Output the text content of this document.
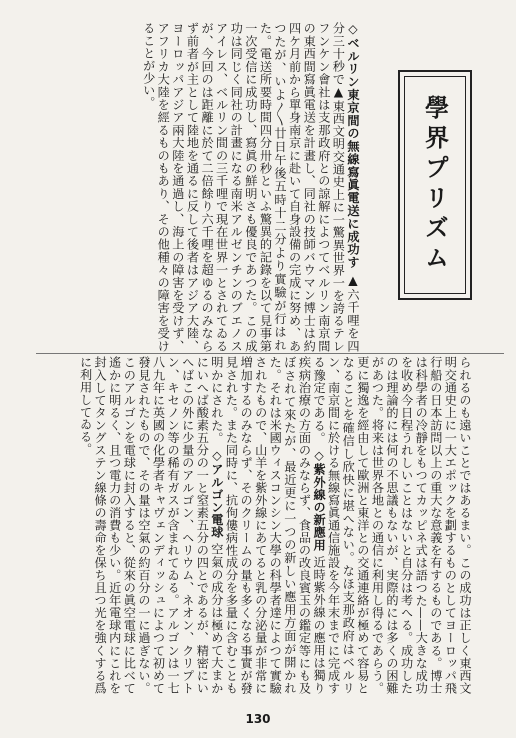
◇ベルリン東京間の無線寫眞電送に成功す ▲六千哩を四分三十秒で▲東西文明交通史上に一驚異世界一を誇るテレフンケン會社は支那政府との諒解によつてベルリン南京間の東西間寫眞電送を計畫し、同社の技師バウマン博士は約四ケ月前から單身南京に赴いて自身設備の完成に努め、あつたが、いよ〳〵廿日午後五時十二分より實驗が行はれた。電送所要時間四分卅秒といふ驚異的記錄を以て見事第一次受信に成功し、寫眞の鮮明さも優良であつた。この成功は同じく同社の計畫になる南米アルゼンチンのブエノスアイレス、ベルリン間の三千哩で現在世界一とされてゐるが、今回のは距離に於て二倍餘り六千哩を超ゆるのみならず前者が主として陸地を通るに反して後者はアジア大陸、ヨーロッパアジア兩大陸を通過し、海上の障害を受けず、アフリカ大陸を經るものもあり、その他種々の障害を受けることが少い。
學界プリズム
られるのも遠いことではあるまい。この成功は正しく東西文明交通史上に一大エポックを劃するものとしてヨーロッパ飛行船の日本訪問以上の重大な意義を有するものである。博士は科學者の冷靜をもつてカッピネ式は語つた——大きな成功を收め今日程うれしいことはないと自分は考へる。成功したのは理論的には何の不思議もないが、実際的には多くの困難があつた。将来は世界各地との通信に利用し得るであらう。更に獨逸を經由して歐洲と東洋との交通連絡が極めて容易となることを確信し欣快に堪へない。なほ支那政府はベルリン、南京間に於ける無線寫眞通信施設を今年末までに完成する豫定である。 ◇紫外線の新應用 近時紫外線の應用は獨り疾病治療の方面のみならず、食品の改良賓玉の鑑定等にも及ぼされて來たが、最近更に一つの新しい應用方面が開かれた。それは米國ウィスコンシン大學の科學者達によつて實驗されたもので、山羊を紫外線にあてると乳の分泌量が非常に増加するのみならず、そのクリームの量も多くなる事實が發見された。また同時に、抗佝僂病性成分を多量に含むことも明かにされた。 ◇アルゴン電球 空氣の成分は極めて大まかにいへば酸素五分の一と窒素五分の四とであるが、精密にいへばこの外に少量のアルゴン、ヘリウム、ネオン、クリプトン、キセノン等の稀有ガスが含まれてゐる。アルゴンは一七八九年に英國の化學者キャヴェンディッシュによつて初めて發見されたもので、その量は空氣の約百分の一に過ぎない。このアルゴンを電球に封入すると、從來の眞空電球に比べて遙かに明るく、且つ電力の消費も少い。近年電球内にこれを封入してタングステン線條の壽命を保ち且つ光を強くする爲に利用してゐる。
130
